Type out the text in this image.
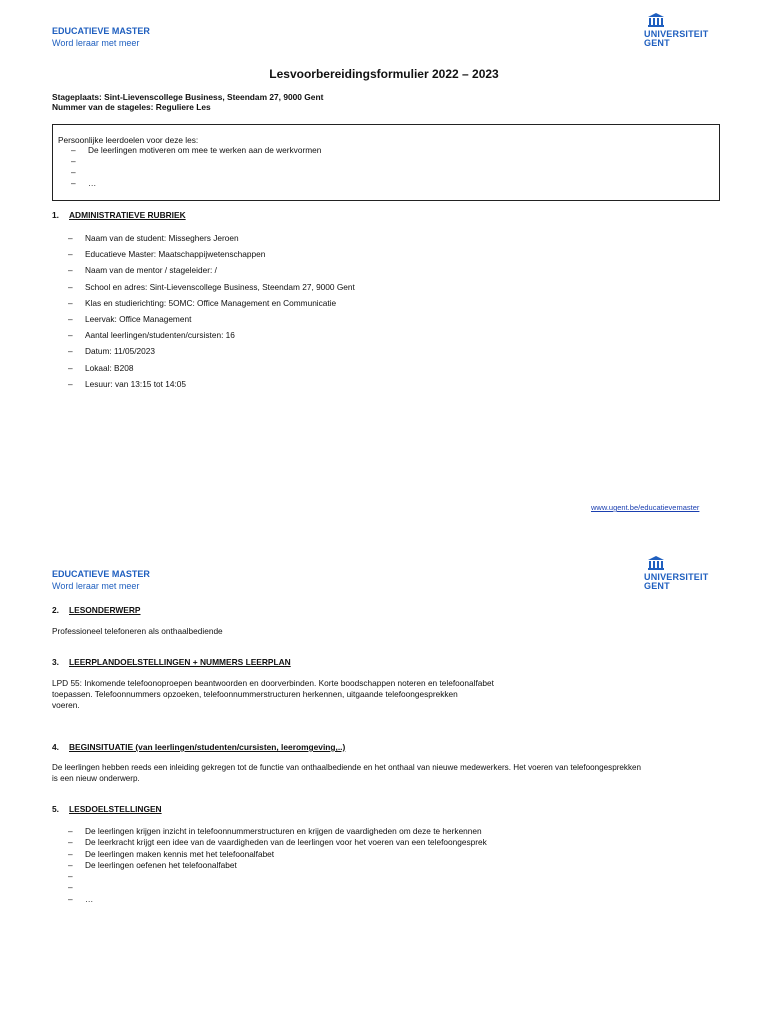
EDUCATIEVE MASTER
Word leraar met meer
UNIVERSITEIT
GENT
Lesvoorbereidingsformulier 2022 – 2023
Stageplaats: Sint-Lievenscollege Business, Steendam 27, 9000 Gent
Nummer van de stageles: Reguliere Les
Persoonlijke leerdoelen voor deze les:
– De leerlingen motiveren om mee te werken aan de werkvormen
–
–
– …
1. ADMINISTRATIEVE RUBRIEK
– Naam van de student: Misseghers Jeroen
– Educatieve Master: Maatschappijwetenschappen
– Naam van de mentor / stageleider: /
– School en adres: Sint-Lievenscollege Business, Steendam 27, 9000 Gent
– Klas en studierichting: 5OMC: Office Management en Communicatie
– Leervak: Office Management
– Aantal leerlingen/studenten/cursisten: 16
– Datum: 11/05/2023
– Lokaal: B208
– Lesuur: van 13:15 tot 14:05
www.ugent.be/educatievemaster
EDUCATIEVE MASTER
Word leraar met meer
UNIVERSITEIT
GENT
2. LESONDERWERP
Professioneel telefoneren als onthaalbediende
3. LEERPLANDOELSTELLINGEN + NUMMERS LEERPLAN
LPD 55: Inkomende telefoonoproepen beantwoorden en doorverbinden. Korte boodschappen noteren en telefoonalfabet
toepassen. Telefoonnummers opzoeken, telefoonnummerstructuren herkennen, uitgaande telefoongesprekken
voeren.
4. BEGINSITUATIE (van leerlingen/studenten/cursisten, leeromgeving,..)
De leerlingen hebben reeds een inleiding gekregen tot de functie van onthaalbediende en het onthaal van nieuwe medewerkers. Het voeren van telefoongesprekken
is een nieuw onderwerp.
5. LESDOELSTELLINGEN
– De leerlingen krijgen inzicht in telefoonnummerstructuren en krijgen de vaardigheden om deze te herkennen
– De leerkracht krijgt een idee van de vaardigheden van de leerlingen voor het voeren van een telefoongesprek
– De leerlingen maken kennis met het telefoonalfabet
– De leerlingen oefenen het telefoonalfabet
–
–
– …
